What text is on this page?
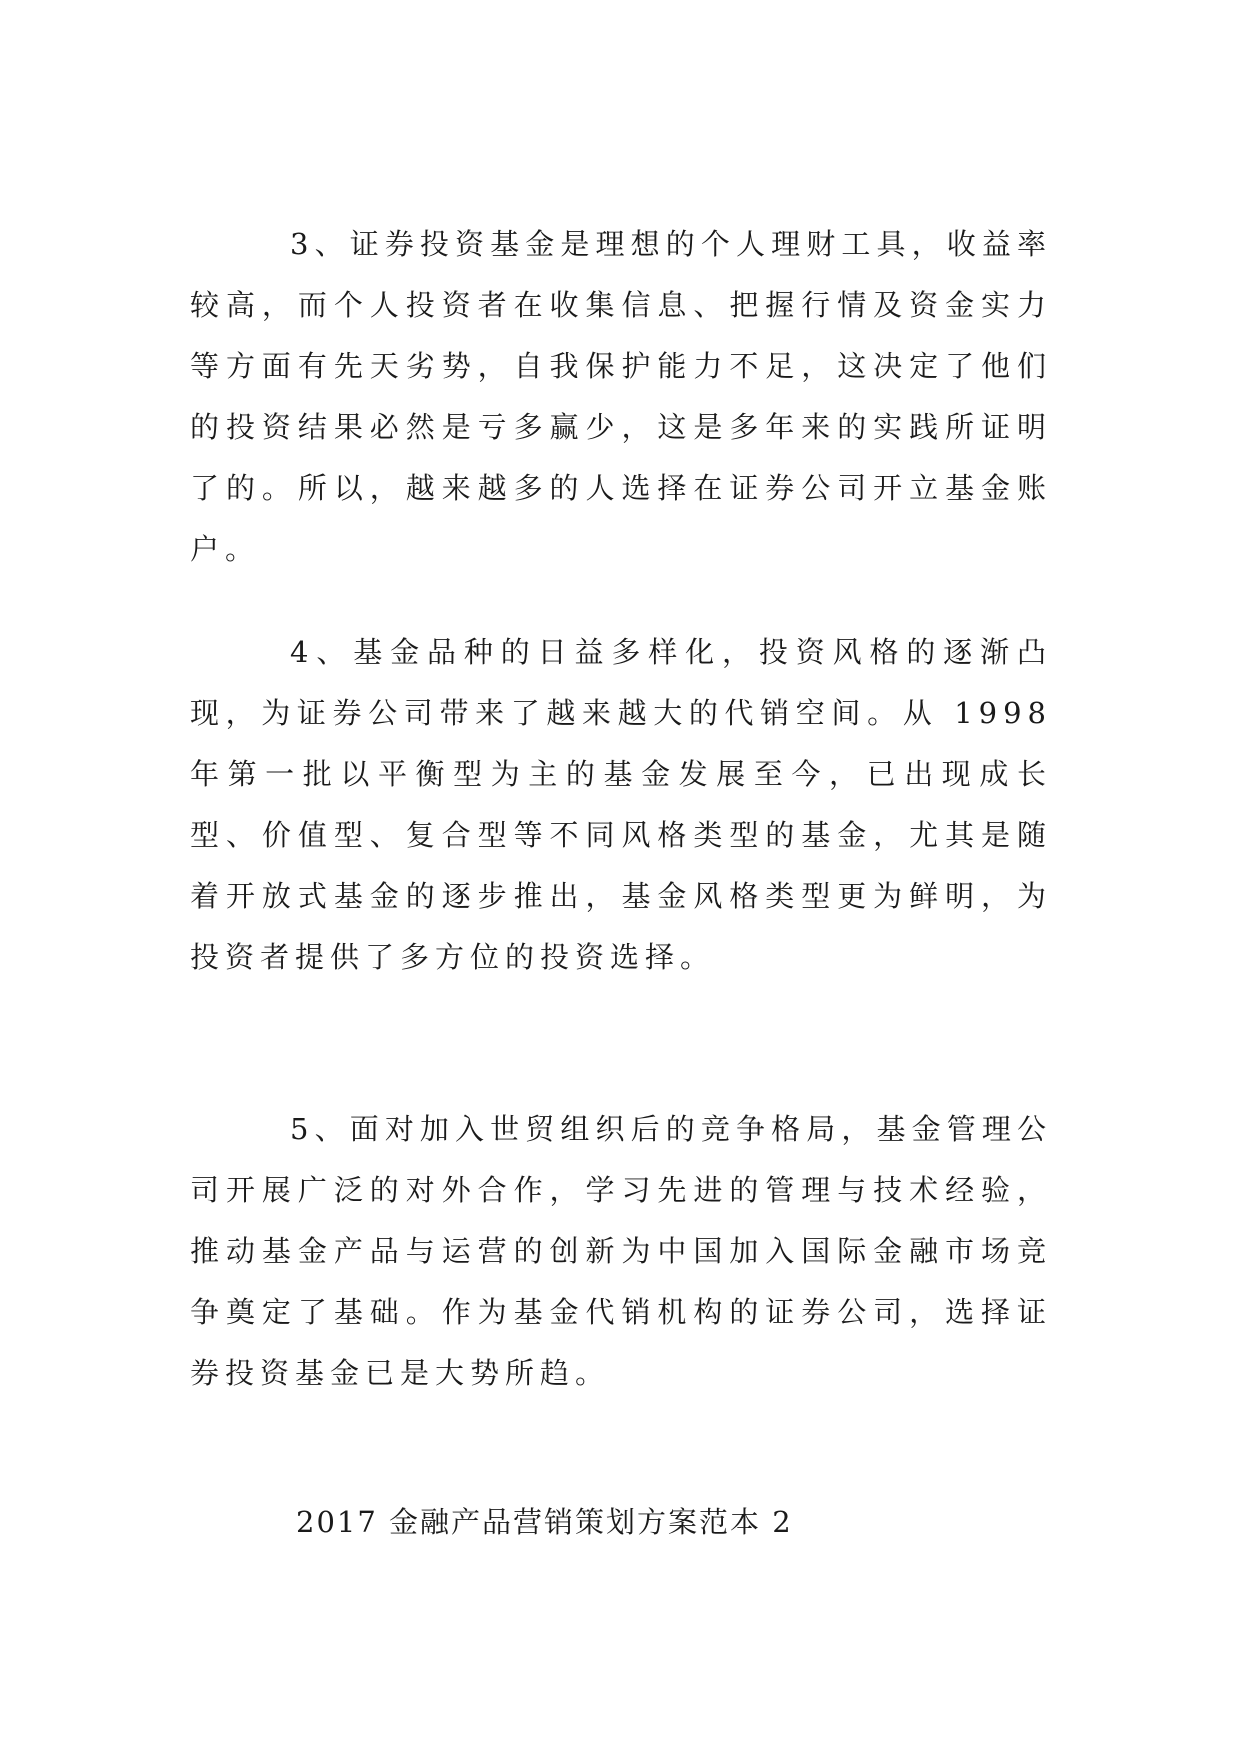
3、证券投资基金是理想的个人理财工具，收益率较高，而个人投资者在收集信息、把握行情及资金实力等方面有先天劣势，自我保护能力不足，这决定了他们的投资结果必然是亏多赢少，这是多年来的实践所证明了的。所以，越来越多的人选择在证券公司开立基金账户。

4、基金品种的日益多样化，投资风格的逐渐凸现，为证券公司带来了越来越大的代销空间。从 1998 年第一批以平衡型为主的基金发展至今，已出现成长型、价值型、复合型等不同风格类型的基金，尤其是随着开放式基金的逐步推出，基金风格类型更为鲜明，为投资者提供了多方位的投资选择。

5、面对加入世贸组织后的竞争格局，基金管理公司开展广泛的对外合作，学习先进的管理与技术经验，推动基金产品与运营的创新为中国加入国际金融市场竞争奠定了基础。作为基金代销机构的证券公司，选择证券投资基金已是大势所趋。

2017 金融产品营销策划方案范本 2
